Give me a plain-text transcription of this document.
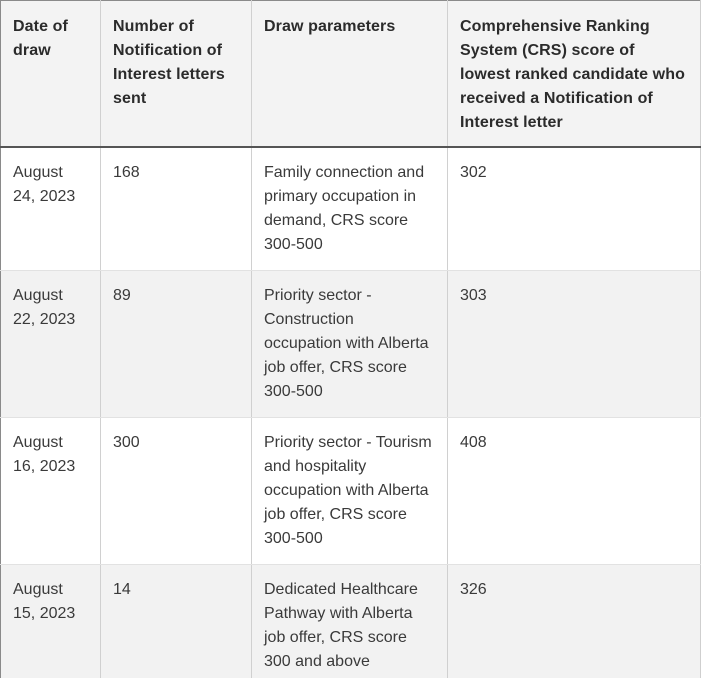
Date of draw	Number of Notification of Interest letters sent	Draw parameters	Comprehensive Ranking System (CRS) score of lowest ranked candidate who received a Notification of Interest letter
August 24, 2023	168	Family connection and primary occupation in demand, CRS score 300-500	302
August 22, 2023	89	Priority sector - Construction occupation with Alberta job offer, CRS score 300-500	303
August 16, 2023	300	Priority sector - Tourism and hospitality occupation with Alberta job offer, CRS score 300-500	408
August 15, 2023	14	Dedicated Healthcare Pathway with Alberta job offer, CRS score 300 and above	326
